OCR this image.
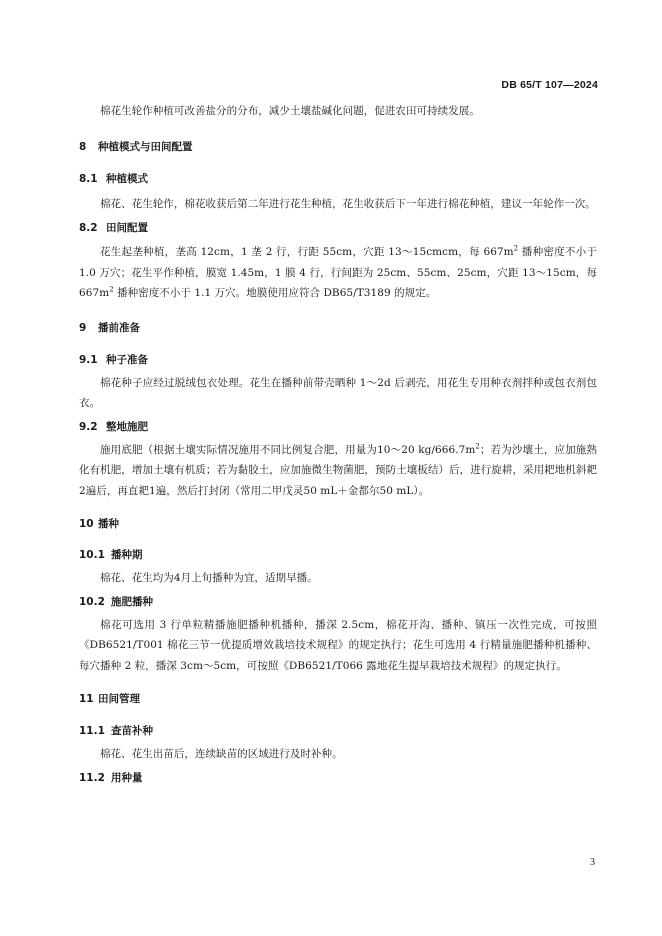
DB 65/T 107—2024

棉花生轮作种植可改善盐分的分布，减少土壤盐碱化问题，促进农田可持续发展。

8 种植模式与田间配置
8.1 种植模式

棉花、花生轮作，棉花收获后第二年进行花生种植，花生收获后下一年进行棉花种植，建议一年轮作一次。

8.2 田间配置

花生起垄种植，垄高 12cm，1 垄 2 行，行距 55cm，穴距 13～15cmcm，每 $667m^2$ 播种密度不小于 1.0 万穴；花生平作种植，膜宽 1.45m，1 膜 4 行，行间距为 25cm、55cm、25cm，穴距 13～15cm，每 $667m^2$ 播种密度不小于 1.1 万穴。地膜使用应符合 DB65/T3189 的规定。

9 播前准备
9.1 种子准备

棉花种子应经过脱绒包衣处理。花生在播种前带壳晒种 1～2d 后剥壳，用花生专用种衣剂拌种或包衣剂包衣。

9.2 整地施肥

施用底肥（根据土壤实际情况施用不同比例复合肥，用量为10～20 $kg/666.7m^2$；若为沙壤土，应加施熟化有机肥，增加土壤有机质；若为黏胶土，应加施微生物菌肥，预防土壤板结）后，进行旋耕，采用耙地机斜耙2遍后，再直耙1遍，然后打封闭（常用二甲戊灵50 mL＋金都尔50 mL）。

10 播种
10.1 播种期

棉花、花生均为4月上旬播种为宜，适期早播。

10.2 施肥播种

棉花可选用 3 行单粒精播施肥播种机播种，播深 2.5cm，棉花开沟、播种、镇压一次性完成，可按照《DB6521/T001 棉花三节一优提质增效栽培技术规程》的规定执行；花生可选用 4 行精量施肥播种机播种、每穴播种 2 粒，播深 3cm～5cm，可按照《DB6521/T066 露地花生提早栽培技术规程》的规定执行。

11 田间管理
11.1 查苗补种

棉花、花生出苗后，连续缺苗的区域进行及时补种。

11.2 用种量
3
